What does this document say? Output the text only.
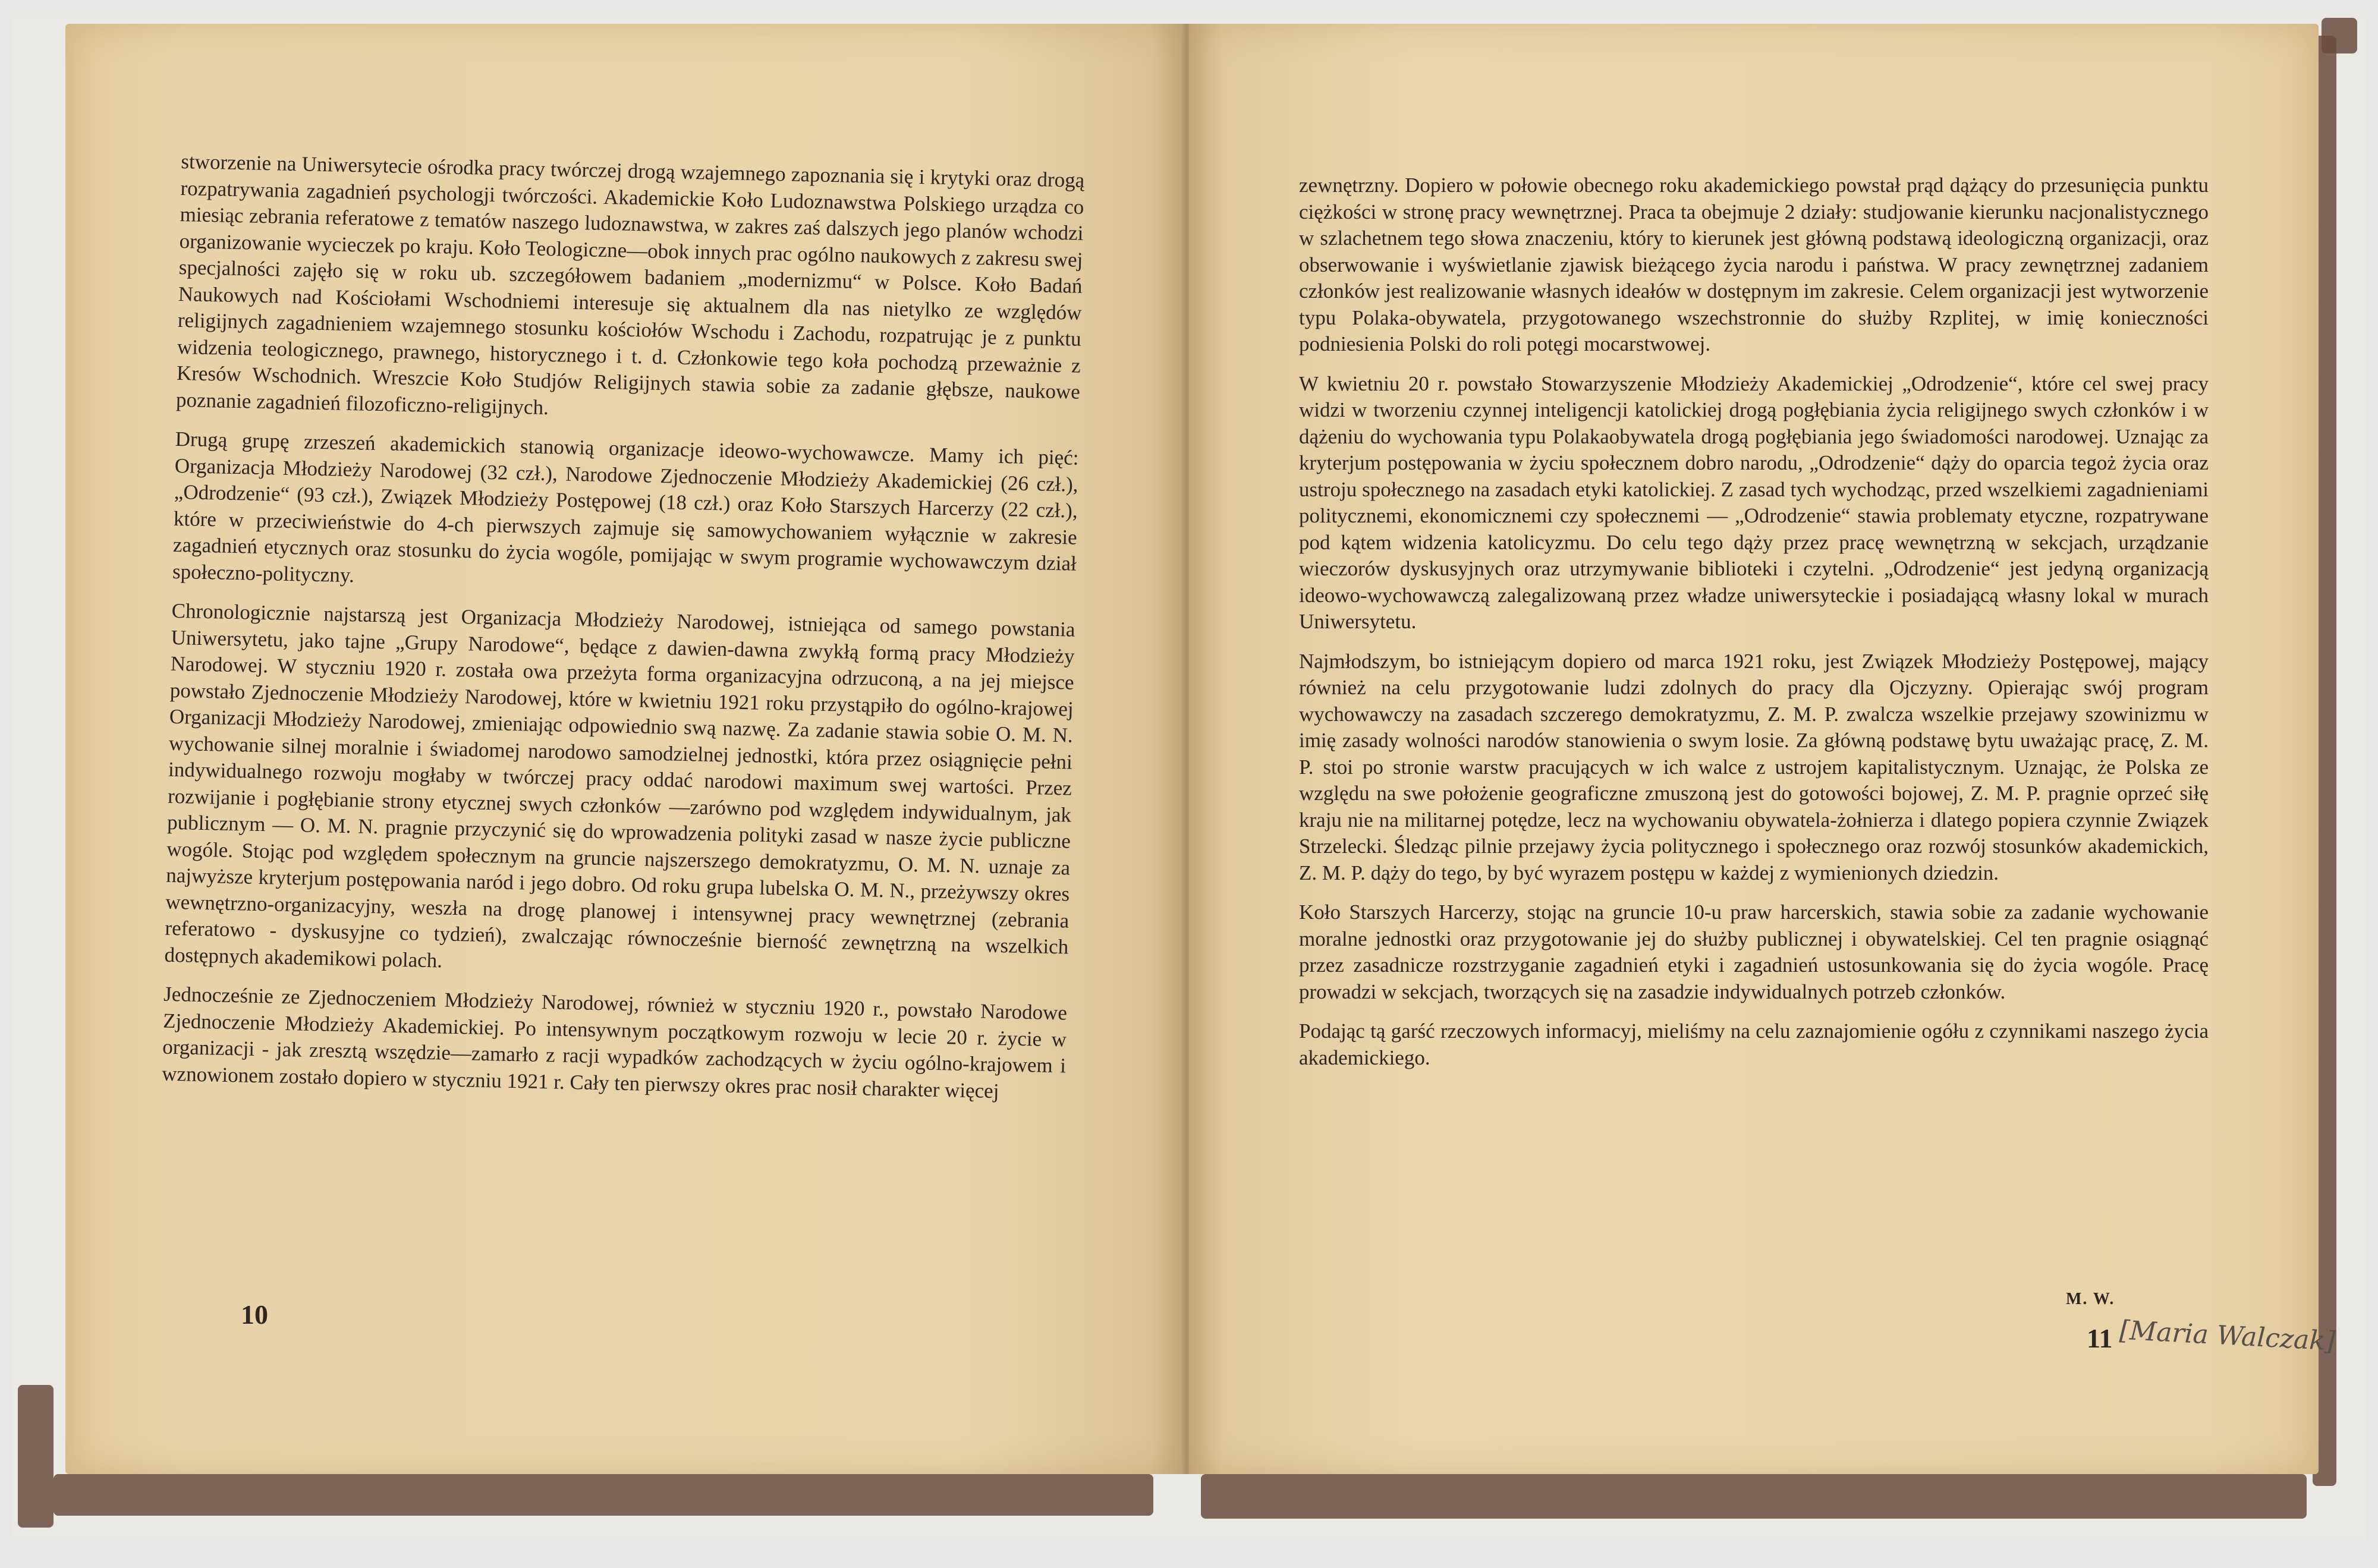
stworzenie na Uniwersytecie ośrodka pracy twórczej drogą wzajemnego zapoznania się i krytyki oraz drogą rozpatrywania zagadnień psychologji twórczości. Akademickie Koło Ludoznawstwa Polskiego urządza co miesiąc zebrania referatowe z tematów naszego ludoznawstwa, w zakres zaś dalszych jego planów wchodzi organizowanie wycieczek po kraju. Koło Teologiczne—obok innych prac ogólno naukowych z zakresu swej specjalności zajęło się w roku ub. szczegółowem badaniem „modernizmu“ w Polsce. Koło Badań Naukowych nad Kościołami Wschodniemi interesuje się aktualnem dla nas nietylko ze względów religijnych zagadnieniem wzajemnego stosunku kościołów Wschodu i Zachodu, rozpatrując je z punktu widzenia teologicznego, prawnego, historycznego i t. d. Członkowie tego koła pochodzą przeważnie z Kresów Wschodnich. Wreszcie Koło Studjów Religijnych stawia sobie za zadanie głębsze, naukowe poznanie zagadnień filozoficzno-religijnych.

Drugą grupę zrzeszeń akademickich stanowią organizacje ideowo-wychowawcze. Mamy ich pięć: Organizacja Młodzieży Narodowej (32 czł.), Narodowe Zjednoczenie Młodzieży Akademickiej (26 czł.), „Odrodzenie“ (93 czł.), Związek Młodzieży Postępowej (18 czł.) oraz Koło Starszych Harcerzy (22 czł.), które w przeciwieństwie do 4-ch pierwszych zajmuje się samowychowaniem wyłącznie w zakresie zagadnień etycznych oraz stosunku do życia wogóle, pomijając w swym programie wychowawczym dział społeczno-polityczny.

Chronologicznie najstarszą jest Organizacja Młodzieży Narodowej, istniejąca od samego powstania Uniwersytetu, jako tajne „Grupy Narodowe“, będące z dawien-dawna zwykłą formą pracy Młodzieży Narodowej. W styczniu 1920 r. została owa przeżyta forma organizacyjna odrzuconą, a na jej miejsce powstało Zjednoczenie Młodzieży Narodowej, które w kwietniu 1921 roku przystąpiło do ogólno-krajowej Organizacji Młodzieży Narodowej, zmieniając odpowiednio swą nazwę. Za zadanie stawia sobie O. M. N. wychowanie silnej moralnie i świadomej narodowo samodzielnej jednostki, która przez osiągnięcie pełni indywidualnego rozwoju mogłaby w twórczej pracy oddać narodowi maximum swej wartości. Przez rozwijanie i pogłębianie strony etycznej swych członków —zarówno pod względem indywidualnym, jak publicznym — O. M. N. pragnie przyczynić się do wprowadzenia polityki zasad w nasze życie publiczne wogóle. Stojąc pod względem społecznym na gruncie najszerszego demokratyzmu, O. M. N. uznaje za najwyższe kryterjum postępowania naród i jego dobro. Od roku grupa lubelska O. M. N., przeżywszy okres wewnętrzno-organizacyjny, weszła na drogę planowej i intensywnej pracy wewnętrznej (zebrania referatowo - dyskusyjne co tydzień), zwalczając równocześnie bierność zewnętrzną na wszelkich dostępnych akademikowi polach.

Jednocześnie ze Zjednoczeniem Młodzieży Narodowej, również w styczniu 1920 r., powstało Narodowe Zjednoczenie Młodzieży Akademickiej. Po intensywnym początkowym rozwoju w lecie 20 r. życie w organizacji - jak zresztą wszędzie—zamarło z racji wypadków zachodzących w życiu ogólno-krajowem i wznowionem zostało dopiero w styczniu 1921 r. Cały ten pierwszy okres prac nosił charakter więcej

10

zewnętrzny. Dopiero w połowie obecnego roku akademickiego powstał prąd dążący do przesunięcia punktu ciężkości w stronę pracy wewnętrznej. Praca ta obejmuje 2 działy: studjowanie kierunku nacjonalistycznego w szlachetnem tego słowa znaczeniu, który to kierunek jest główną podstawą ideologiczną organizacji, oraz obserwowanie i wyświetlanie zjawisk bieżącego życia narodu i państwa. W pracy zewnętrznej zadaniem członków jest realizowanie własnych ideałów w dostępnym im zakresie. Celem organizacji jest wytworzenie typu Polaka-obywatela, przygotowanego wszechstronnie do służby Rzplitej, w imię konieczności podniesienia Polski do roli potęgi mocarstwowej.

W kwietniu 20 r. powstało Stowarzyszenie Młodzieży Akademickiej „Odrodzenie“, które cel swej pracy widzi w tworzeniu czynnej inteligencji katolickiej drogą pogłębiania życia religijnego swych członków i w dążeniu do wychowania typu Polakaobywatela drogą pogłębiania jego świadomości narodowej. Uznając za kryterjum postępowania w życiu społecznem dobro narodu, „Odrodzenie“ dąży do oparcia tegoż życia oraz ustroju społecznego na zasadach etyki katolickiej. Z zasad tych wychodząc, przed wszelkiemi zagadnieniami politycznemi, ekonomicznemi czy społecznemi — „Odrodzenie“ stawia problematy etyczne, rozpatrywane pod kątem widzenia katolicyzmu. Do celu tego dąży przez pracę wewnętrzną w sekcjach, urządzanie wieczorów dyskusyjnych oraz utrzymywanie biblioteki i czytelni. „Odrodzenie“ jest jedyną organizacją ideowo-wychowawczą zalegalizowaną przez władze uniwersyteckie i posiadającą własny lokal w murach Uniwersytetu.

Najmłodszym, bo istniejącym dopiero od marca 1921 roku, jest Związek Młodzieży Postępowej, mający również na celu przygotowanie ludzi zdolnych do pracy dla Ojczyzny. Opierając swój program wychowawczy na zasadach szczerego demokratyzmu, Z. M. P. zwalcza wszelkie przejawy szowinizmu w imię zasady wolności narodów stanowienia o swym losie. Za główną podstawę bytu uważając pracę, Z. M. P. stoi po stronie warstw pracujących w ich walce z ustrojem kapitalistycznym. Uznając, że Polska ze względu na swe położenie geograficzne zmuszoną jest do gotowości bojowej, Z. M. P. pragnie oprzeć siłę kraju nie na militarnej potędze, lecz na wychowaniu obywatela-żołnierza i dlatego popiera czynnie Związek Strzelecki. Śledząc pilnie przejawy życia politycznego i społecznego oraz rozwój stosunków akademickich, Z. M. P. dąży do tego, by być wyrazem postępu w każdej z wymienionych dziedzin.

Koło Starszych Harcerzy, stojąc na gruncie 10-u praw harcerskich, stawia sobie za zadanie wychowanie moralne jednostki oraz przygotowanie jej do służby publicznej i obywatelskiej. Cel ten pragnie osiągnąć przez zasadnicze rozstrzyganie zagadnień etyki i zagadnień ustosunkowania się do życia wogóle. Pracę prowadzi w sekcjach, tworzących się na zasadzie indywidualnych potrzeb członków.

Podając tą garść rzeczowych informacyj, mieliśmy na celu zaznajomienie ogółu z czynnikami naszego życia akademickiego.

M. W.
11 [Maria Walczak]
